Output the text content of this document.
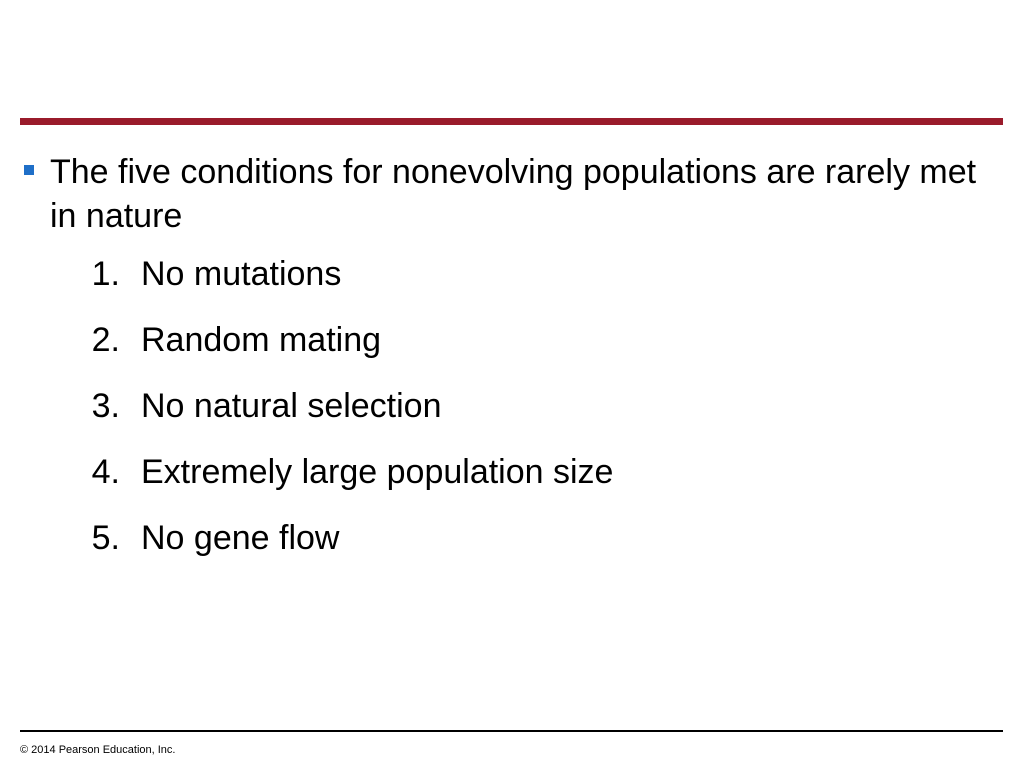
The five conditions for nonevolving populations are rarely met in nature
1. No mutations
2. Random mating
3. No natural selection
4. Extremely large population size
5. No gene flow
© 2014 Pearson Education, Inc.
